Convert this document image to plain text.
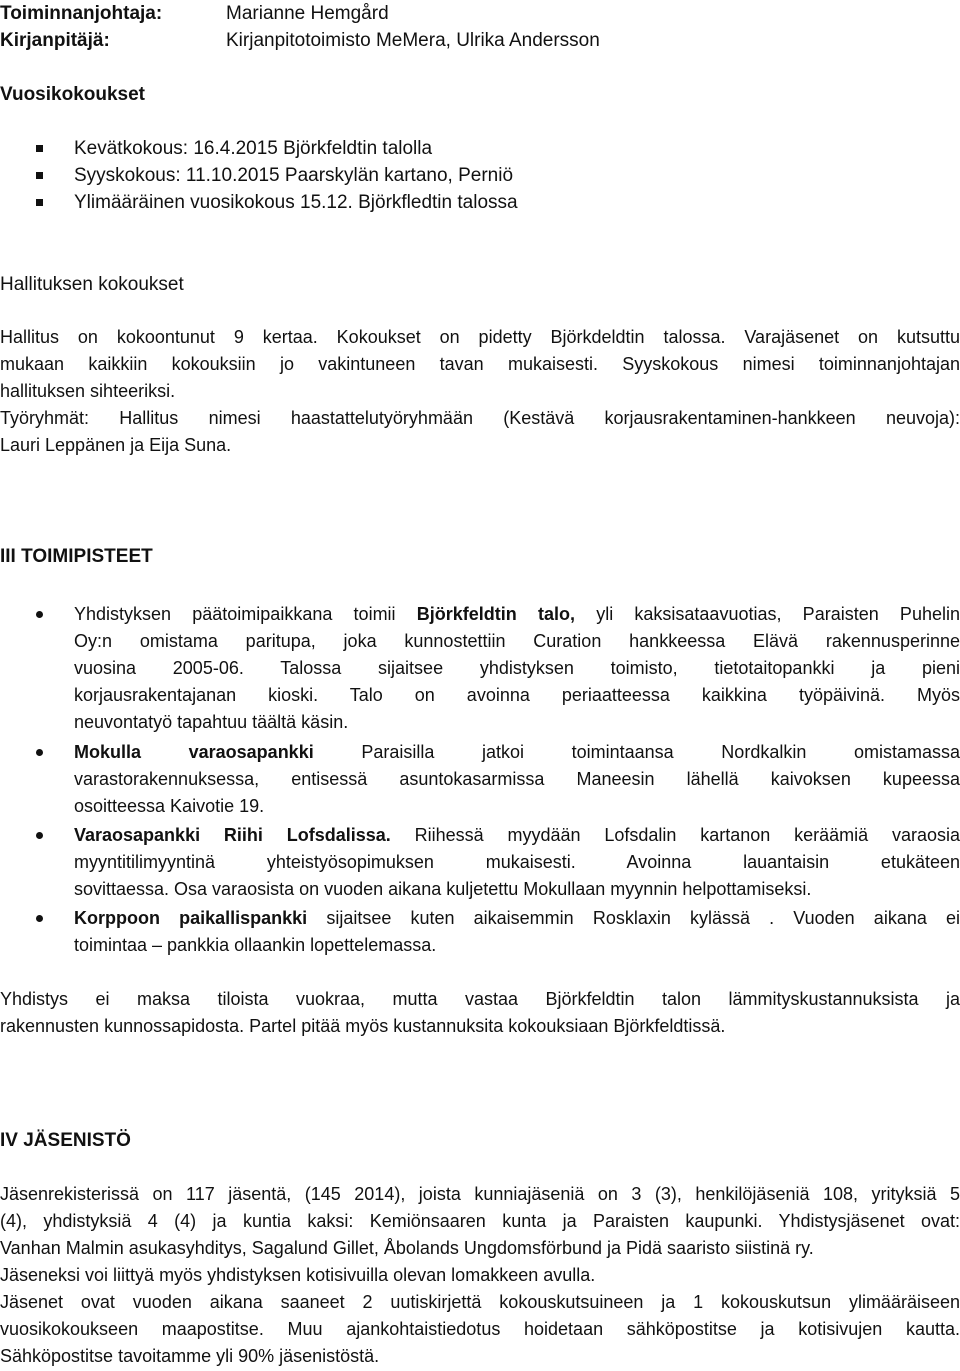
Toiminnanjohtaja:	Marianne Hemgård
Kirjanpitäjä:	Kirjanpitotoimisto MeMera, Ulrika Andersson
Vuosikokoukset
Kevätkokous: 16.4.2015 Björkfeldtin talolla
Syyskokous: 11.10.2015 Paarskylän kartano, Perniö
Ylimääräinen vuosikokous 15.12. Björkfledtin talossa
Hallituksen kokoukset
Hallitus on kokoontunut 9 kertaa. Kokoukset on pidetty Björkdeldtin talossa. Varajäsenet on kutsuttu
mukaan kaikkiin kokouksiin jo vakintuneen tavan mukaisesti. Syyskokous nimesi toiminnanjohtajan
hallituksen sihteeriksi.
Työryhmät: Hallitus nimesi haastattelutyöryhmään (Kestävä korjausrakentaminen-hankkeen neuvoja):
Lauri Leppänen ja Eija Suna.
III TOIMIPISTEET
Yhdistyksen päätoimipaikkana toimii Björkfeldtin talo, yli kaksisataavuotias, Paraisten Puhelin
Oy:n omistama paritupa, joka kunnostettiin Curation hankkeessa Elävä rakennusperinne
vuosina 2005-06. Talossa sijaitsee yhdistyksen toimisto, tietotaitopankki ja pieni
korjausrakentajanan kioski. Talo on avoinna periaatteessa kaikkina työpäivinä. Myös
neuvontatyö tapahtuu täältä käsin.
Mokulla varaosapankki Paraisilla jatkoi toimintaansa Nordkalkin omistamassa
varastorakennuksessa, entisessä asuntokasarmissa Maneesin lähellä kaivoksen kupeessa
osoitteessa Kaivotie 19.
Varaosapankki Riihi Lofsdalissa. Riihessä myydään Lofsdalin kartanon keräämiä varaosia
myyntitilimyyntinä yhteistyösopimuksen mukaisesti. Avoinna lauantaisin etukäteen
sovittaessa. Osa varaosista on vuoden aikana kuljetettu Mokullaan myynnin helpottamiseksi.
Korppoon paikallispankki sijaitsee kuten aikaisemmin Rosklaxin kylässä . Vuoden aikana ei
toimintaa – pankkia ollaankin lopettelemassa.
Yhdistys ei maksa tiloista vuokraa, mutta vastaa Björkfeldtin talon lämmityskustannuksista ja
rakennusten kunnossapidosta. Partel pitää myös kustannuksita kokouksiaan Björkfeldtissä.
IV JÄSENISTÖ
Jäsenrekisterissä on 117 jäsentä, (145 2014), joista kunniajäseniä on 3 (3), henkilöjäseniä 108, yrityksiä 5
(4), yhdistyksiä 4 (4) ja kuntia kaksi: Kemiönsaaren kunta ja Paraisten kaupunki. Yhdistysjäsenet ovat:
Vanhan Malmin asukasyhditys, Sagalund Gillet, Åbolands Ungdomsförbund ja Pidä saaristo siistinä ry.
Jäseneksi voi liittyä myös yhdistyksen kotisivuilla olevan lomakkeen avulla.
Jäsenet ovat vuoden aikana saaneet 2 uutiskirjettä kokouskutsuineen ja 1 kokouskutsun ylimääräiseen
vuosikokoukseen maapostitse. Muu ajankohtaistiedotus hoidetaan sähköpostitse ja kotisivujen kautta.
Sähköpostitse tavoitamme yli 90% jäsenistöstä.
